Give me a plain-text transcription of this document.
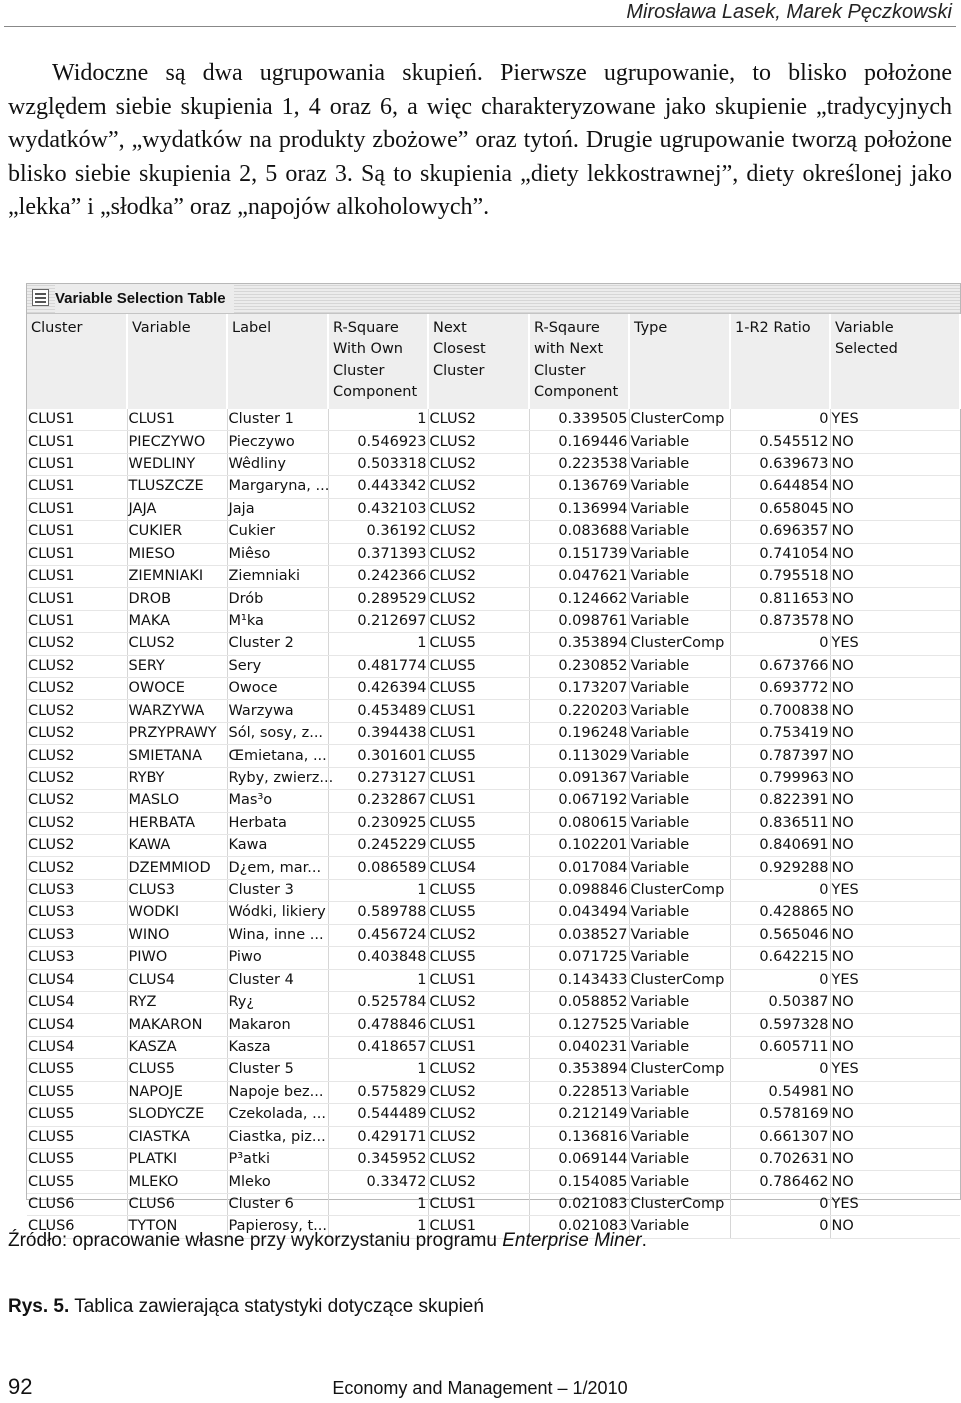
Mirosława Lasek, Marek Pęczkowski

Widoczne są dwa ugrupowania skupień. Pierwsze ugrupowanie, to blisko położone względem siebie skupienia 1, 4 oraz 6, a więc charakteryzowane jako skupienie „tradycyjnych wydatków”, „wydatków na produkty zbożowe” oraz tytoń. Drugie ugrupowanie tworzą położone blisko siebie skupienia 2, 5 oraz 3. Są to skupienia „diety lekkostrawnej”, diety określonej jako „lekka” i „słodka” oraz „napojów alkoholowych”.

Variable Selection Table
Cluster	Variable	Label	R-Square
With Own
Cluster
Component	Next
Closest
Cluster	R-Sqaure
with Next
Cluster
Component	Type	1-R2 Ratio	Variable
Selected
CLUS1	CLUS1	Cluster 1	1	CLUS2	0.339505	ClusterComp	0	YES
CLUS1	PIECZYWO	Pieczywo	0.546923	CLUS2	0.169446	Variable	0.545512	NO
CLUS1	WEDLINY	Wêdliny	0.503318	CLUS2	0.223538	Variable	0.639673	NO
CLUS1	TLUSZCZE	Margaryna, ...	0.443342	CLUS2	0.136769	Variable	0.644854	NO
CLUS1	JAJA	Jaja	0.432103	CLUS2	0.136994	Variable	0.658045	NO
CLUS1	CUKIER	Cukier	0.36192	CLUS2	0.083688	Variable	0.696357	NO
CLUS1	MIESO	Miêso	0.371393	CLUS2	0.151739	Variable	0.741054	NO
CLUS1	ZIEMNIAKI	Ziemniaki	0.242366	CLUS2	0.047621	Variable	0.795518	NO
CLUS1	DROB	Drób	0.289529	CLUS2	0.124662	Variable	0.811653	NO
CLUS1	MAKA	M¹ka	0.212697	CLUS2	0.098761	Variable	0.873578	NO
CLUS2	CLUS2	Cluster 2	1	CLUS5	0.353894	ClusterComp	0	YES
CLUS2	SERY	Sery	0.481774	CLUS5	0.230852	Variable	0.673766	NO
CLUS2	OWOCE	Owoce	0.426394	CLUS5	0.173207	Variable	0.693772	NO
CLUS2	WARZYWA	Warzywa	0.453489	CLUS1	0.220203	Variable	0.700838	NO
CLUS2	PRZYPRAWY	Sól, sosy, z...	0.394438	CLUS1	0.196248	Variable	0.753419	NO
CLUS2	SMIETANA	Œmietana, ...	0.301601	CLUS5	0.113029	Variable	0.787397	NO
CLUS2	RYBY	Ryby, zwierz...	0.273127	CLUS1	0.091367	Variable	0.799963	NO
CLUS2	MASLO	Mas³o	0.232867	CLUS1	0.067192	Variable	0.822391	NO
CLUS2	HERBATA	Herbata	0.230925	CLUS5	0.080615	Variable	0.836511	NO
CLUS2	KAWA	Kawa	0.245229	CLUS5	0.102201	Variable	0.840691	NO
CLUS2	DZEMMIOD	D¿em, mar...	0.086589	CLUS4	0.017084	Variable	0.929288	NO
CLUS3	CLUS3	Cluster 3	1	CLUS5	0.098846	ClusterComp	0	YES
CLUS3	WODKI	Wódki, likiery	0.589788	CLUS5	0.043494	Variable	0.428865	NO
CLUS3	WINO	Wina, inne ...	0.456724	CLUS2	0.038527	Variable	0.565046	NO
CLUS3	PIWO	Piwo	0.403848	CLUS5	0.071725	Variable	0.642215	NO
CLUS4	CLUS4	Cluster 4	1	CLUS1	0.143433	ClusterComp	0	YES
CLUS4	RYZ	Ry¿	0.525784	CLUS2	0.058852	Variable	0.50387	NO
CLUS4	MAKARON	Makaron	0.478846	CLUS1	0.127525	Variable	0.597328	NO
CLUS4	KASZA	Kasza	0.418657	CLUS1	0.040231	Variable	0.605711	NO
CLUS5	CLUS5	Cluster 5	1	CLUS2	0.353894	ClusterComp	0	YES
CLUS5	NAPOJE	Napoje bez...	0.575829	CLUS2	0.228513	Variable	0.54981	NO
CLUS5	SLODYCZE	Czekolada, ...	0.544489	CLUS2	0.212149	Variable	0.578169	NO
CLUS5	CIASTKA	Ciastka, piz...	0.429171	CLUS2	0.136816	Variable	0.661307	NO
CLUS5	PLATKI	P³atki	0.345952	CLUS2	0.069144	Variable	0.702631	NO
CLUS5	MLEKO	Mleko	0.33472	CLUS2	0.154085	Variable	0.786462	NO
CLUS6	CLUS6	Cluster 6	1	CLUS1	0.021083	ClusterComp	0	YES
CLUS6	TYTON	Papierosy, t...	1	CLUS1	0.021083	Variable	0	NO
Źródło: opracowanie własne przy wykorzystaniu programu Enterprise Miner.
Rys. 5. Tablica zawierająca statystyki dotyczące skupień
92	Economy and Management – 1/2010
